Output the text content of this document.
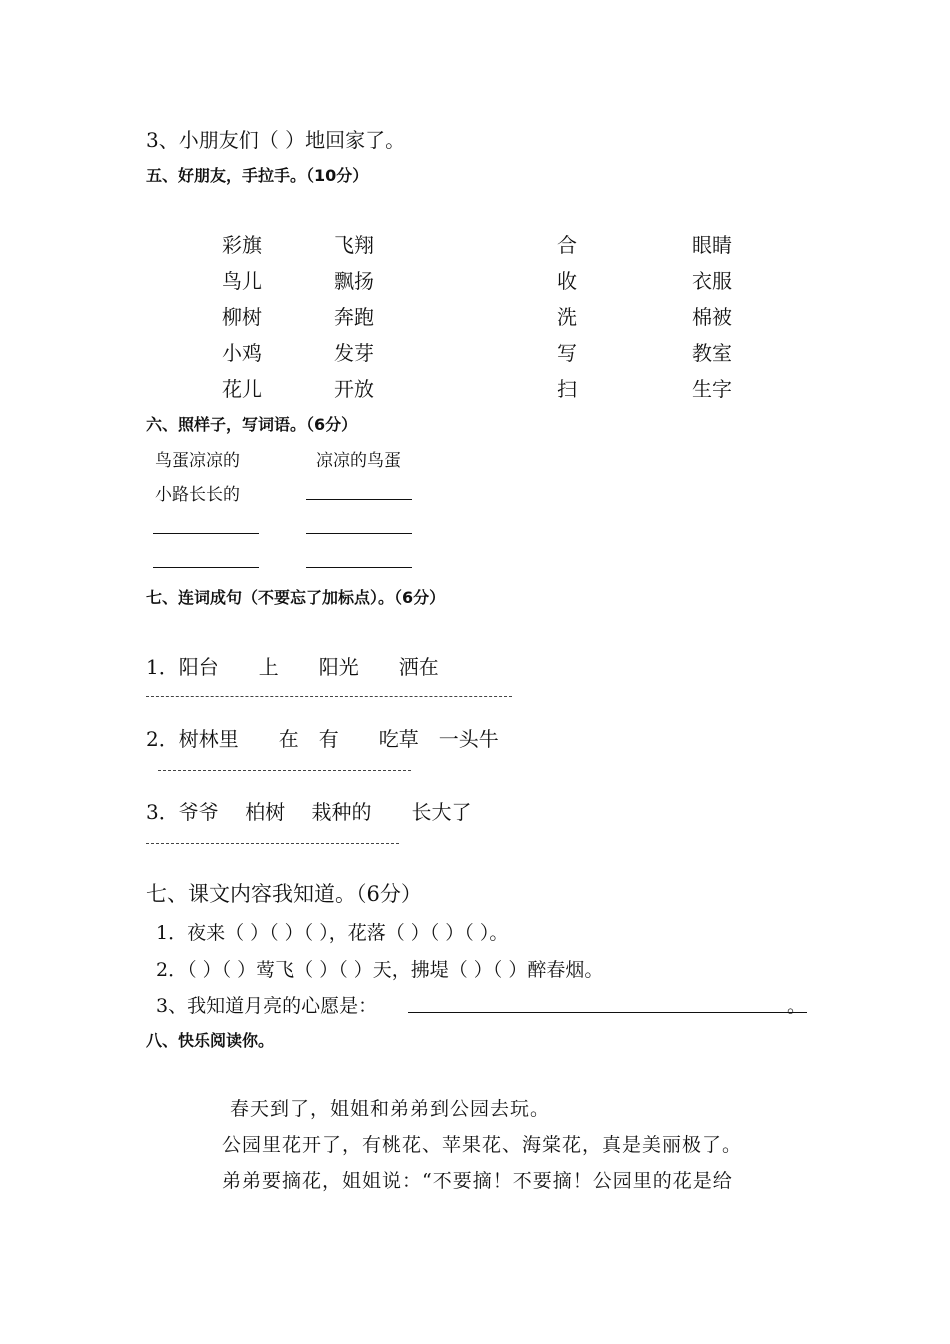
3、小朋友们（ ）地回家了。
五、好朋友，手拉手。（10分）
彩旗
鸟儿
柳树
小鸡
花儿
飞翔
飘扬
奔跑
发芽
开放
合
收
洗
写
扫
眼睛
衣服
棉被
教室
生字
六、照样子，写词语。（6分）
鸟蛋凉凉的	凉凉的鸟蛋
小路长长的
七、连词成句（不要忘了加标点）。（6分）
1．阳台　　上　　阳光　　洒在
2．树林里　　在　有　　吃草　一头牛
3．爷爷　 柏树　 栽种的　　长大了
七、课文内容我知道。（6分）
1．夜来（ ）（ ）（ ），花落（ ）（ ）（ ）。
2．（ ）（ ）莺飞（ ）（ ）天，拂堤（ ）（ ）醉春烟。
3、我知道月亮的心愿是：	。
八、快乐阅读你。
春天到了，姐姐和弟弟到公园去玩。
公园里花开了，有桃花、苹果花、海棠花，真是美丽极了。
弟弟要摘花，姐姐说：“不要摘！不要摘！公园里的花是给
